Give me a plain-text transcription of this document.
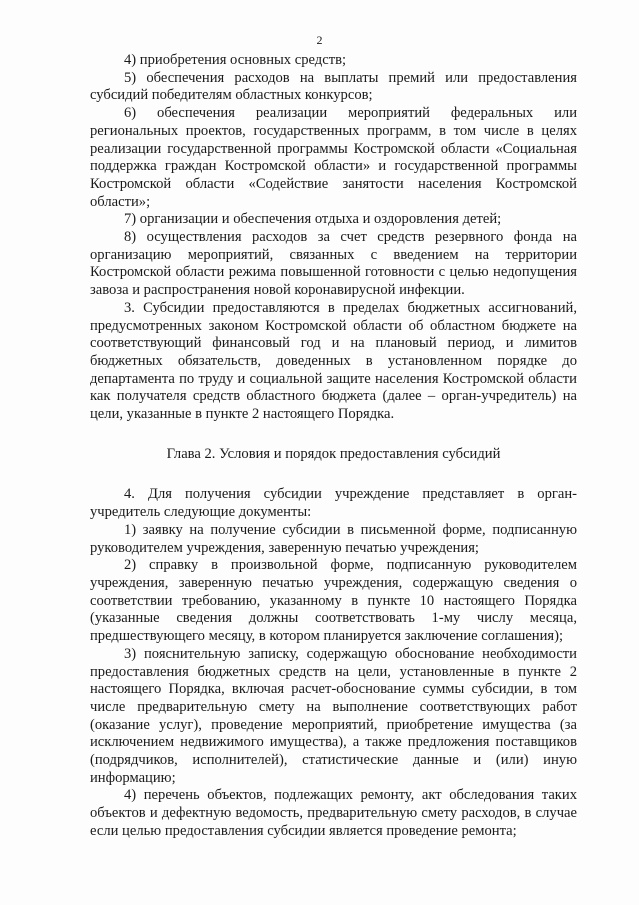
2

4) приобретения основных средств;

5) обеспечения расходов на выплаты премий или предоставления субсидий победителям областных конкурсов;

6) обеспечения реализации мероприятий федеральных или региональных проектов, государственных программ, в том числе в целях реализации государственной программы Костромской области «Социальная поддержка граждан Костромской области» и государственной программы Костромской области «Содействие занятости населения Костромской области»;

7) организации и обеспечения отдыха и оздоровления детей;

8) осуществления расходов за счет средств резервного фонда на организацию мероприятий, связанных с введением на территории Костромской области режима повышенной готовности с целью недопущения завоза и распространения новой коронавирусной инфекции.

3. Субсидии предоставляются в пределах бюджетных ассигнований, предусмотренных законом Костромской области об областном бюджете на соответствующий финансовый год и на плановый период, и лимитов бюджетных обязательств, доведенных в установленном порядке до департамента по труду и социальной защите населения Костромской области как получателя средств областного бюджета (далее – орган-учредитель) на цели, указанные в пункте 2 настоящего Порядка.

Глава 2. Условия и порядок предоставления субсидий

4. Для получения субсидии учреждение представляет в орган-учредитель следующие документы:

1) заявку на получение субсидии в письменной форме, подписанную руководителем учреждения, заверенную печатью учреждения;

2) справку в произвольной форме, подписанную руководителем учреждения, заверенную печатью учреждения, содержащую сведения о соответствии требованию, указанному в пункте 10 настоящего Порядка (указанные сведения должны соответствовать 1-му числу месяца, предшествующего месяцу, в котором планируется заключение соглашения);

3) пояснительную записку, содержащую обоснование необходимости предоставления бюджетных средств на цели, установленные в пункте 2 настоящего Порядка, включая расчет-обоснование суммы субсидии, в том числе предварительную смету на выполнение соответствующих работ (оказание услуг), проведение мероприятий, приобретение имущества (за исключением недвижимого имущества), а также предложения поставщиков (подрядчиков, исполнителей), статистические данные и (или) иную информацию;

4) перечень объектов, подлежащих ремонту, акт обследования таких объектов и дефектную ведомость, предварительную смету расходов, в случае если целью предоставления субсидии является проведение ремонта;
